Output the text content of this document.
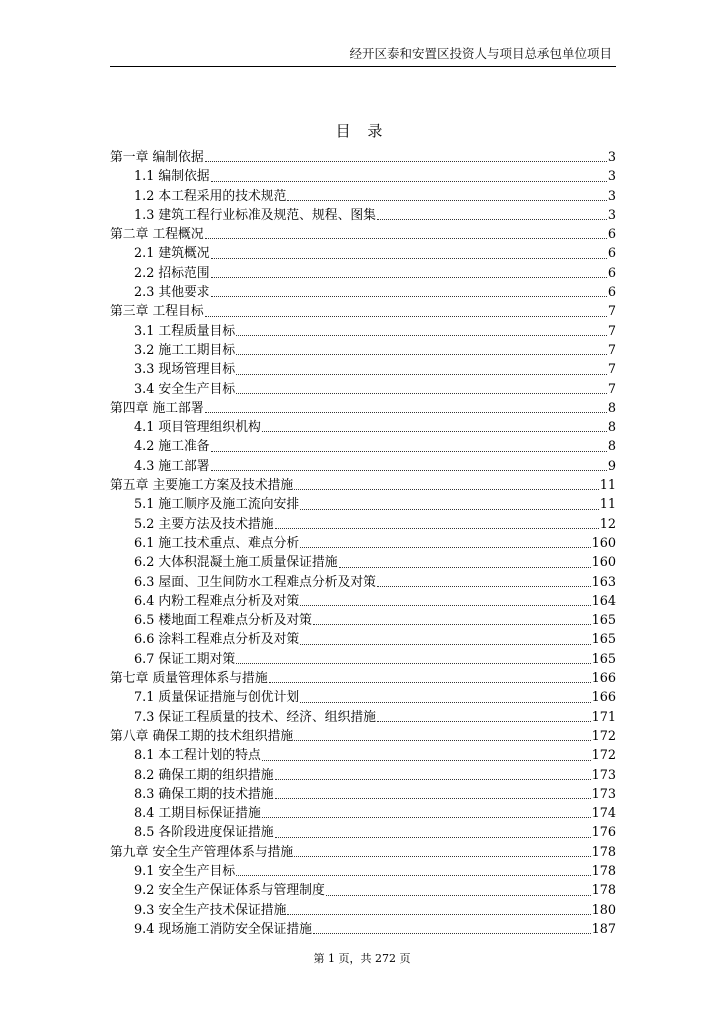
经开区泰和安置区投资人与项目总承包单位项目
目 录
第一章 编制依据	3
1.1 编制依据	3
1.2 本工程采用的技术规范	3
1.3 建筑工程行业标准及规范、规程、图集	3
第二章 工程概况	6
2.1 建筑概况	6
2.2 招标范围	6
2.3 其他要求	6
第三章 工程目标	7
3.1 工程质量目标	7
3.2 施工工期目标	7
3.3 现场管理目标	7
3.4 安全生产目标	7
第四章 施工部署	8
4.1 项目管理组织机构	8
4.2 施工准备	8
4.3 施工部署	9
第五章 主要施工方案及技术措施	11
5.1 施工顺序及施工流向安排	11
5.2 主要方法及技术措施	12
6.1 施工技术重点、难点分析	160
6.2 大体积混凝土施工质量保证措施	160
6.3 屋面、卫生间防水工程难点分析及对策	163
6.4 内粉工程难点分析及对策	164
6.5 楼地面工程难点分析及对策	165
6.6 涂料工程难点分析及对策	165
6.7 保证工期对策	165
第七章 质量管理体系与措施	166
7.1 质量保证措施与创优计划	166
7.3 保证工程质量的技术、经济、组织措施	171
第八章 确保工期的技术组织措施	172
8.1 本工程计划的特点	172
8.2 确保工期的组织措施	173
8.3 确保工期的技术措施	173
8.4 工期目标保证措施	174
8.5 各阶段进度保证措施	176
第九章 安全生产管理体系与措施	178
9.1 安全生产目标	178
9.2 安全生产保证体系与管理制度	178
9.3 安全生产技术保证措施	180
9.4 现场施工消防安全保证措施	187
第 1 页，共 272 页
